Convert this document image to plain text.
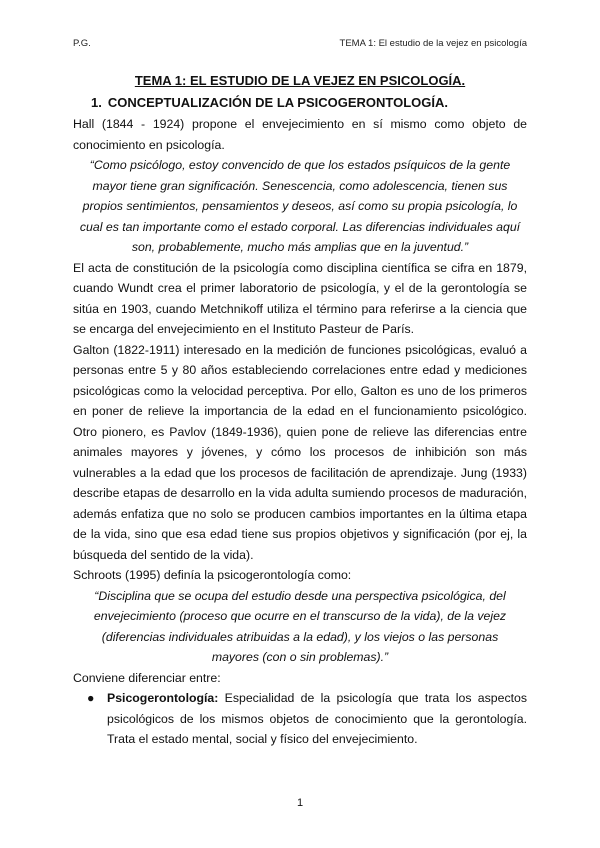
P.G.	TEMA 1: El estudio de la vejez en psicología
TEMA 1: EL ESTUDIO DE LA VEJEZ EN PSICOLOGÍA.
1. CONCEPTUALIZACIÓN DE LA PSICOGERONTOLOGÍA.

Hall (1844 - 1924) propone el envejecimiento en sí mismo como objeto de conocimiento en psicología.

“Como psicólogo, estoy convencido de que los estados psíquicos de la gente mayor tiene gran significación. Senescencia, como adolescencia, tienen sus propios sentimientos, pensamientos y deseos, así como su propia psicología, lo cual es tan importante como el estado corporal. Las diferencias individuales aquí son, probablemente, mucho más amplias que en la juventud.”

El acta de constitución de la psicología como disciplina científica se cifra en 1879, cuando Wundt crea el primer laboratorio de psicología, y el de la gerontología se sitúa en 1903, cuando Metchnikoff utiliza el término para referirse a la ciencia que se encarga del envejecimiento en el Instituto Pasteur de París.

Galton (1822-1911) interesado en la medición de funciones psicológicas, evaluó a personas entre 5 y 80 años estableciendo correlaciones entre edad y mediciones psicológicas como la velocidad perceptiva. Por ello, Galton es uno de los primeros en poner de relieve la importancia de la edad en el funcionamiento psicológico. Otro pionero, es Pavlov (1849-1936), quien pone de relieve las diferencias entre animales mayores y jóvenes, y cómo los procesos de inhibición son más vulnerables a la edad que los procesos de facilitación de aprendizaje. Jung (1933) describe etapas de desarrollo en la vida adulta sumiendo procesos de maduración, además enfatiza que no solo se producen cambios importantes en la última etapa de la vida, sino que esa edad tiene sus propios objetivos y significación (por ej, la búsqueda del sentido de la vida).

Schroots (1995) definía la psicogerontología como:

“Disciplina que se ocupa del estudio desde una perspectiva psicológica, del envejecimiento (proceso que ocurre en el transcurso de la vida), de la vejez (diferencias individuales atribuidas a la edad), y los viejos o las personas mayores (con o sin problemas).”

Conviene diferenciar entre:

● Psicogerontología: Especialidad de la psicología que trata los aspectos psicológicos de los mismos objetos de conocimiento que la gerontología. Trata el estado mental, social y físico del envejecimiento.
1
